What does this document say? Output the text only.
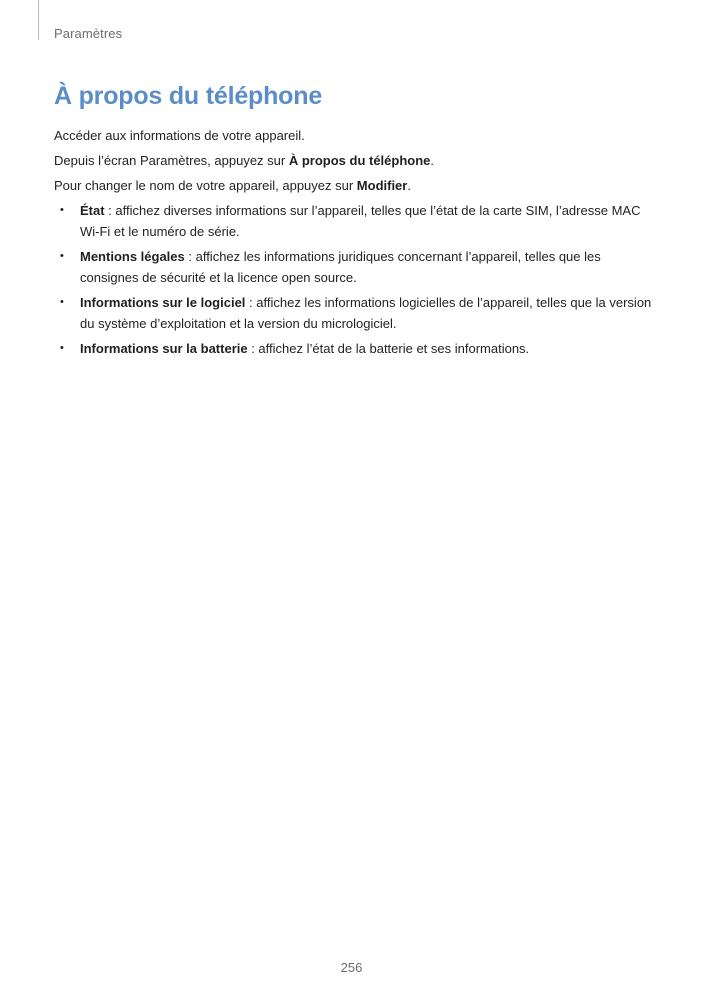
Paramètres
À propos du téléphone

Accéder aux informations de votre appareil.

Depuis l’écran Paramètres, appuyez sur À propos du téléphone.

Pour changer le nom de votre appareil, appuyez sur Modifier.

• État : affichez diverses informations sur l’appareil, telles que l’état de la carte SIM, l’adresse MAC Wi-Fi et le numéro de série.
• Mentions légales : affichez les informations juridiques concernant l’appareil, telles que les consignes de sécurité et la licence open source.
• Informations sur le logiciel : affichez les informations logicielles de l’appareil, telles que la version du système d’exploitation et la version du micrologiciel.
• Informations sur la batterie : affichez l’état de la batterie et ses informations.
256
